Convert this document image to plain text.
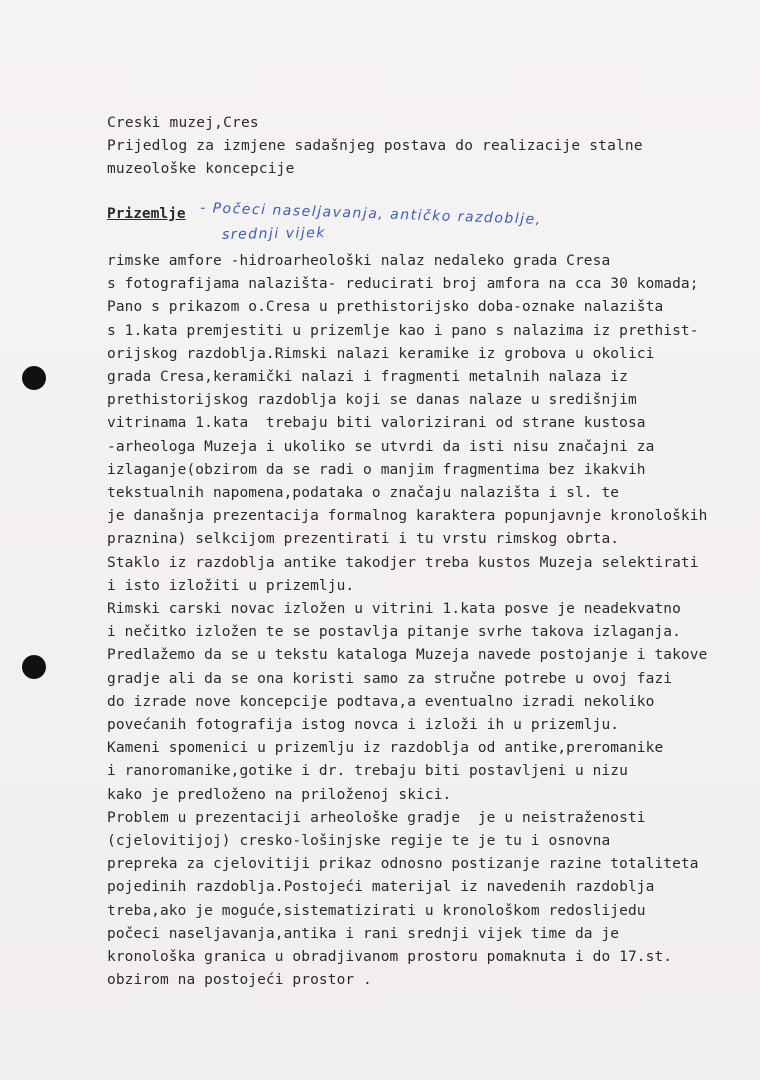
Creski muzej,Cres
Prijedlog za izmjene sadašnjeg postava do realizacije stalne
muzeološke koncepcije
Prizemlje - Počeci naseljavanja, antičko razdoblje,
srednji vijek
rimske amfore -hidroarheološki nalaz nedaleko grada Cresa
s fotografijama nalazišta- reducirati broj amfora na cca 30 komada;
Pano s prikazom o.Cresa u prethistorijsko doba-oznake nalazišta
s 1.kata premjestiti u prizemlje kao i pano s nalazima iz prethist-
orijskog razdoblja.Rimski nalazi keramike iz grobova u okolici
grada Cresa,keramički nalazi i fragmenti metalnih nalaza iz
prethistorijskog razdoblja koji se danas nalaze u središnjim
vitrinama 1.kata  trebaju biti valorizirani od strane kustosa
-arheologa Muzeja i ukoliko se utvrdi da isti nisu značajni za
izlaganje(obzirom da se radi o manjim fragmentima bez ikakvih
tekstualnih napomena,podataka o značaju nalazišta i sl. te
je današnja prezentacija formalnog karaktera popunjavnje kronoloških
praznina) selkcijom prezentirati i tu vrstu rimskog obrta.
Staklo iz razdoblja antike takodjer treba kustos Muzeja selektirati
i isto izložiti u prizemlju.
Rimski carski novac izložen u vitrini 1.kata posve je neadekvatno
i nečitko izložen te se postavlja pitanje svrhe takova izlaganja.
Predlažemo da se u tekstu kataloga Muzeja navede postojanje i takove
gradje ali da se ona koristi samo za stručne potrebe u ovoj fazi
do izrade nove koncepcije podtava,a eventualno izradi nekoliko
povećanih fotografija istog novca i izloži ih u prizemlju.
Kameni spomenici u prizemlju iz razdoblja od antike,preromanike
i ranoromanike,gotike i dr. trebaju biti postavljeni u nizu
kako je predloženo na priloženoj skici.
Problem u prezentaciji arheološke gradje  je u neistraženosti
(cjelovitijoj) cresko-lošinjske regije te je tu i osnovna
prepreka za cjelovitiji prikaz odnosno postizanje razine totaliteta
pojedinih razdoblja.Postojeći materijal iz navedenih razdoblja
treba,ako je moguće,sistematizirati u kronološkom redoslijedu
počeci naseljavanja,antika i rani srednji vijek time da je
kronološka granica u obradjivanom prostoru pomaknuta i do 17.st.
obzirom na postojeći prostor .
